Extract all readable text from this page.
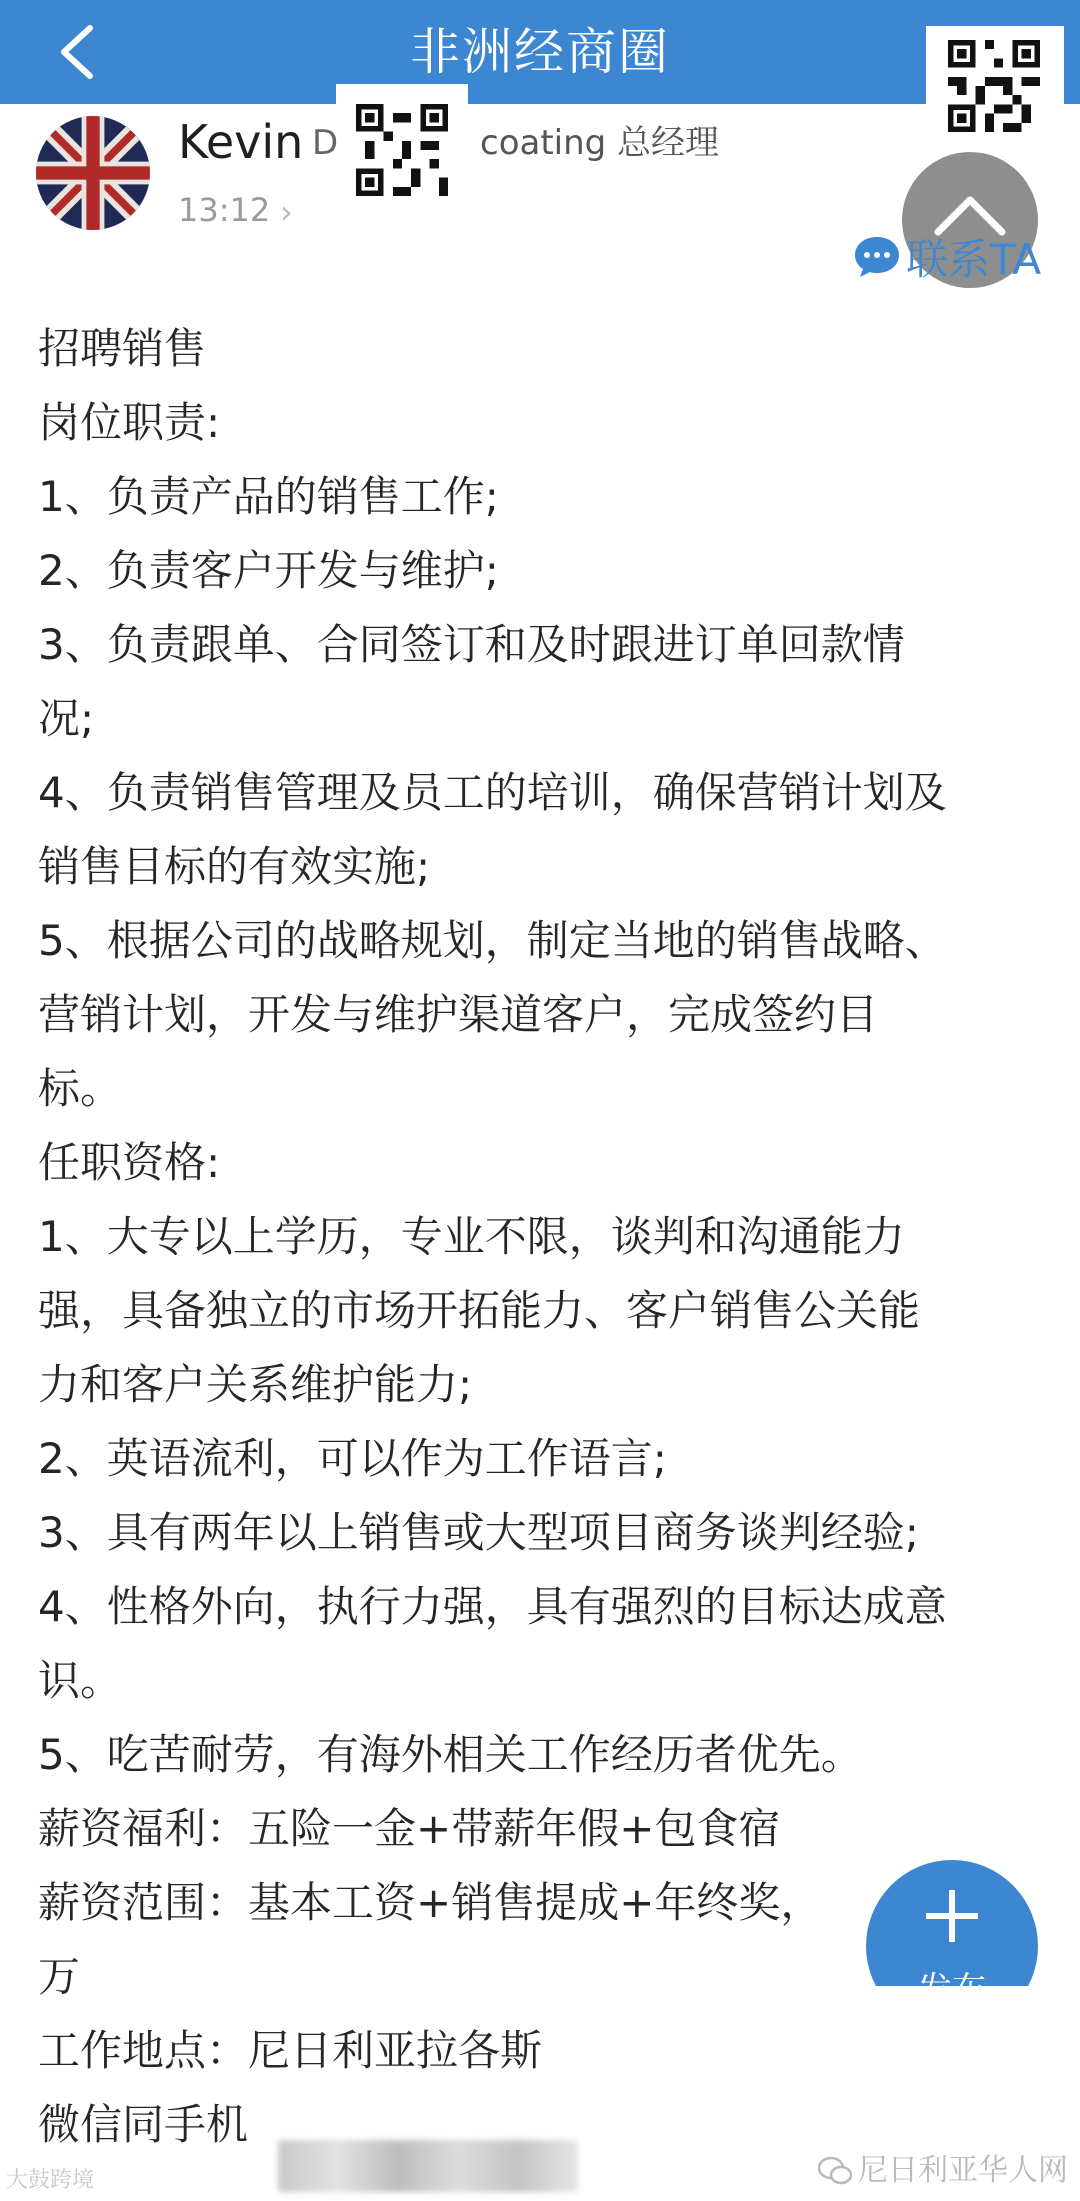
非洲经商圈
Kevin D	coating 总经理
13:12 ›
联系TA

招聘销售

岗位职责:

1、负责产品的销售工作;

2、负责客户开发与维护;

3、负责跟单、合同签订和及时跟进订单回款情

况;

4、负责销售管理及员工的培训，确保营销计划及

销售目标的有效实施;

5、根据公司的战略规划，制定当地的销售战略、

营销计划，开发与维护渠道客户，完成签约目

标。

任职资格:

1、大专以上学历，专业不限，谈判和沟通能力

强，具备独立的市场开拓能力、客户销售公关能

力和客户关系维护能力;

2、英语流利，可以作为工作语言;

3、具有两年以上销售或大型项目商务谈判经验;

4、性格外向，执行力强，具有强烈的目标达成意

识。

5、吃苦耐劳，有海外相关工作经历者优先。

薪资福利：五险一金+带薪年假+包食宿

薪资范围：基本工资+销售提成+年终奖，

万

工作地点：尼日利亚拉各斯

微信同手机

大鼓跨境	尼日利亚华人网
